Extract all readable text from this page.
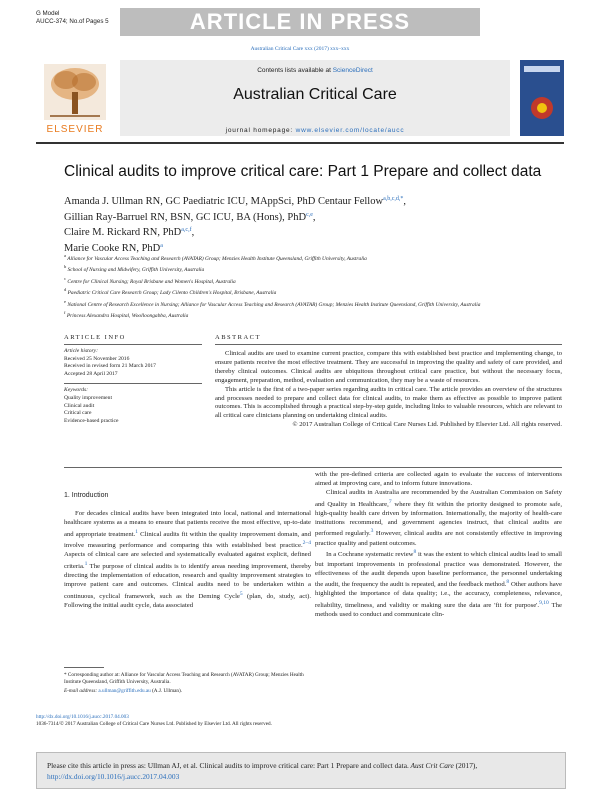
G Model
AUCC-374; No.of Pages 5	ARTICLE IN PRESS
Australian Critical Care xxx (2017) xxx–xxx
ELSEVIER
Contents lists available at ScienceDirect
Australian Critical Care
journal homepage: www.elsevier.com/locate/aucc
Clinical audits to improve critical care: Part 1 Prepare and collect data
Amanda J. Ullman RN, GC Paediatric ICU, MAppSci, PhD Centaur Fellow$^{a,b,c,d,*}$,
Gillian Ray-Barruel RN, BSN, GC ICU, BA (Hons), PhD$^{c,e}$,
Claire M. Rickard RN, PhD$^{a,c,f}$,
Marie Cooke RN, PhD$^a$
$^a$ Alliance for Vascular Access Teaching and Research (AVATAR) Group; Menzies Health Institute Queensland, Griffith University, Australia
$^b$ School of Nursing and Midwifery, Griffith University, Australia
$^c$ Centre for Clinical Nursing; Royal Brisbane and Women's Hospital, Australia
$^d$ Paediatric Critical Care Research Group; Lady Cilento Children's Hospital, Brisbane, Australia
$^e$ National Centre of Research Excellence in Nursing; Alliance for Vascular Access Teaching and Research (AVATAR) Group; Menzies Health Institute Queensland, Griffith University, Australia
$^f$ Princess Alexandra Hospital, Woolloongabba, Australia
ARTICLE INFO	ABSTRACT
Article history:
Received 25 November 2016
Received in revised form 21 March 2017
Accepted 28 April 2017
Keywords:
Quality improvement
Clinical audit
Critical care
Evidence-based practice

Clinical audits are used to examine current practice, compare this with established best practice and implementing change, to ensure patients receive the most effective treatment. They are successful in improving the quality and safety of care provided, and thereby clinical outcomes. Clinical audits are ubiquitous throughout critical care practice, but without the necessary focus, engagement, preparation, method, evaluation and communication, they may be a waste of resources.

This article is the first of a two-paper series regarding audits in critical care. The article provides an overview of the structures and processes needed to prepare and collect data for clinical audits, to make them as effective as possible to improve patient outcomes. This is accomplished through a practical step-by-step guide, including links to valuable resources, which are relevant to all critical care clinicians planning on undertaking clinical audits.

© 2017 Australian College of Critical Care Nurses Ltd. Published by Elsevier Ltd. All rights reserved.

1. Introduction

For decades clinical audits have been integrated into local, national and international healthcare systems as a means to ensure that patients receive the most effective, up-to-date and appropriate treatment.$^1$ Clinical audits fit within the quality improvement domain, and involve measuring performance and comparing this with established best practice.$^{2-4}$ Aspects of clinical care are selected and systematically evaluated against explicit, defined criteria.$^1$ The purpose of clinical audits is to identify areas needing improvement, thereby directing the implementation of education, research and quality improvement strategies to improve patient care and outcomes. Clinical audits need to be undertaken within a continuous, cyclical framework, such as the Deming Cycle$^5$ (plan, do, study, act). Following the initial audit cycle, data associated

* Corresponding author at: Alliance for Vascular Access Teaching and Research (AVATAR) Group; Menzies Health Institute Queensland, Griffith University, Australia.
E-mail address: a.ullman@griffith.edu.au (A.J. Ullman).
http://dx.doi.org/10.1016/j.aucc.2017.04.003
1036-7314/© 2017 Australian College of Critical Care Nurses Ltd. Published by Elsevier Ltd. All rights reserved.

with the pre-defined criteria are collected again to evaluate the success of interventions aimed at improving care, and to inform future innovations.

Clinical audits in Australia are recommended by the Australian Commission on Safety and Quality in Healthcare,$^7$ where they fit within the priority designed to promote safe, high-quality health care driven by information. Internationally, the majority of health-care institutions recommend, and government agencies instruct, that clinical audits are performed regularly.$^3$ However, clinical audits are not consistently effective in improving practice quality and patient outcomes.

In a Cochrane systematic review$^8$ it was the extent to which clinical audits lead to small but important improvements in professional practice was demonstrated. However, the effectiveness of the audit depends upon baseline performance, the personnel undertaking the audit, the frequency the audit is repeated, and the feedback method.$^8$ Other authors have highlighted the importance of data quality; i.e., the accuracy, completeness, relevance, reliability, timeliness, and validity or making sure the data are 'fit for purpose'.$^{9,10}$ The methods used to conduct and communicate clin-

Please cite this article in press as: Ullman AJ, et al. Clinical audits to improve critical care: Part 1 Prepare and collect data. Aust Crit Care (2017), http://dx.doi.org/10.1016/j.aucc.2017.04.003
